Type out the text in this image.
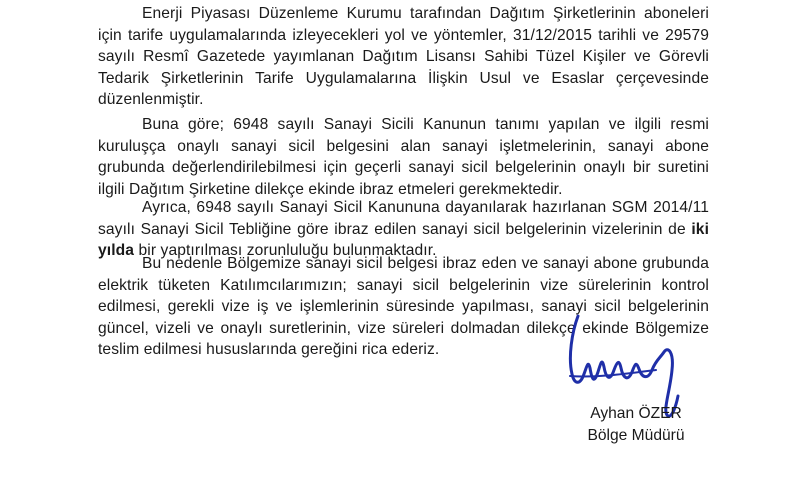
Enerji Piyasası Düzenleme Kurumu tarafından Dağıtım Şirketlerinin aboneleri için tarife uygulamalarında izleyecekleri yol ve yöntemler, 31/12/2015 tarihli ve 29579 sayılı Resmî Gazetede yayımlanan Dağıtım Lisansı Sahibi Tüzel Kişiler ve Görevli Tedarik Şirketlerinin Tarife Uygulamalarına İlişkin Usul ve Esaslar çerçevesinde düzenlenmiştir.

Buna göre; 6948 sayılı Sanayi Sicili Kanunun tanımı yapılan ve ilgili resmi kuruluşça onaylı sanayi sicil belgesini alan sanayi işletmelerinin, sanayi abone grubunda değerlendirilebilmesi için geçerli sanayi sicil belgelerinin onaylı bir suretini ilgili Dağıtım Şirketine dilekçe ekinde ibraz etmeleri gerekmektedir.

Ayrıca, 6948 sayılı Sanayi Sicil Kanununa dayanılarak hazırlanan SGM 2014/11 sayılı Sanayi Sicil Tebliğine göre ibraz edilen sanayi sicil belgelerinin vizelerinin de iki yılda bir yaptırılması zorunluluğu bulunmaktadır.

Bu nedenle Bölgemize sanayi sicil belgesi ibraz eden ve sanayi abone grubunda elektrik tüketen Katılımcılarımızın; sanayi sicil belgelerinin vize sürelerinin kontrol edilmesi, gerekli vize iş ve işlemlerinin süresinde yapılması, sanayi sicil belgelerinin güncel, vizeli ve onaylı suretlerinin, vize süreleri dolmadan dilekçe ekinde Bölgemize teslim edilmesi hususlarında gereğini rica ederiz.

Ayhan ÖZER
Bölge Müdürü
